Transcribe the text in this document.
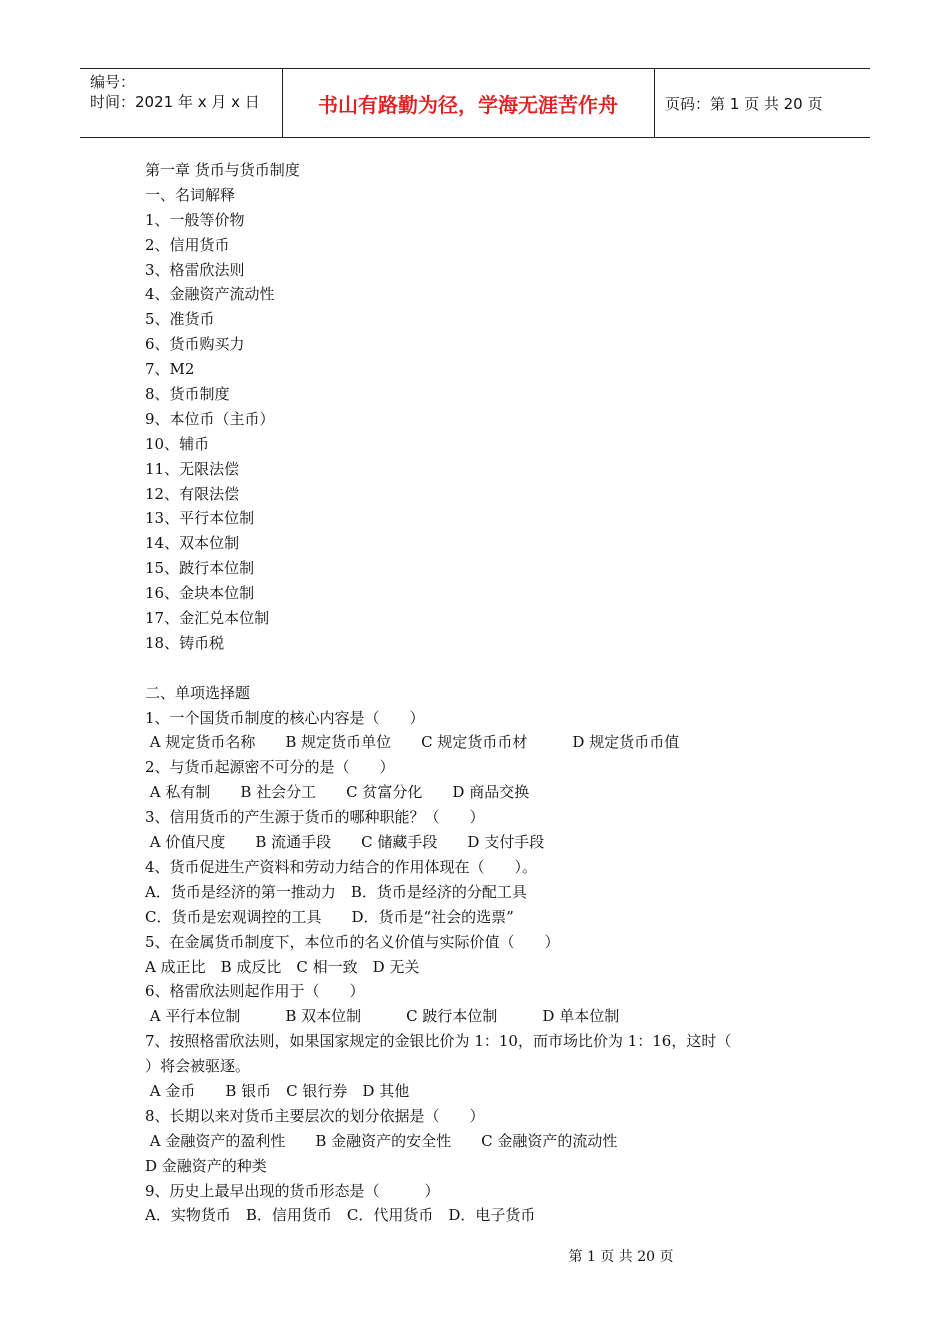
编号：
时间：2021 年 x 月 x 日	书山有路勤为径，学海无涯苦作舟	页码：第 1 页 共 20 页
第一章 货币与货币制度
一、名词解释
1、一般等价物
2、信用货币
3、格雷欣法则
4、金融资产流动性
5、准货币
6、货币购买力
7、M2
8、货币制度
9、本位币（主币）
10、辅币
11、无限法偿
12、有限法偿
13、平行本位制
14、双本位制
15、跛行本位制
16、金块本位制
17、金汇兑本位制
18、铸币税
二、单项选择题
1、一个国货币制度的核心内容是（　　）
A 规定货币名称　　B 规定货币单位　　C 规定货币币材　　　D 规定货币币值
2、与货币起源密不可分的是（　　）
A 私有制　　B 社会分工　　C 贫富分化　　D 商品交换
3、信用货币的产生源于货币的哪种职能？（　　）
A 价值尺度　　B 流通手段　　C 储藏手段　　D 支付手段
4、货币促进生产资料和劳动力结合的作用体现在（　　）。
A．货币是经济的第一推动力　B．货币是经济的分配工具
C．货币是宏观调控的工具　　D．货币是“社会的选票”
5、在金属货币制度下，本位币的名义价值与实际价值（　　）
A 成正比　B 成反比　C 相一致　D 无关
6、格雷欣法则起作用于（　　）
A 平行本位制　　　B 双本位制　　　C 跛行本位制　　　D 单本位制
7、按照格雷欣法则，如果国家规定的金银比价为 1：10，而市场比价为 1：16，这时（
）将会被驱逐。
A 金币　　B 银币　C 银行券　D 其他
8、长期以来对货币主要层次的划分依据是（　　）
A 金融资产的盈利性　　B 金融资产的安全性　　C 金融资产的流动性
D 金融资产的种类
9、历史上最早出现的货币形态是（　　　）
A．实物货币　B．信用货币　C．代用货币　D．电子货币
第 1 页 共 20 页
